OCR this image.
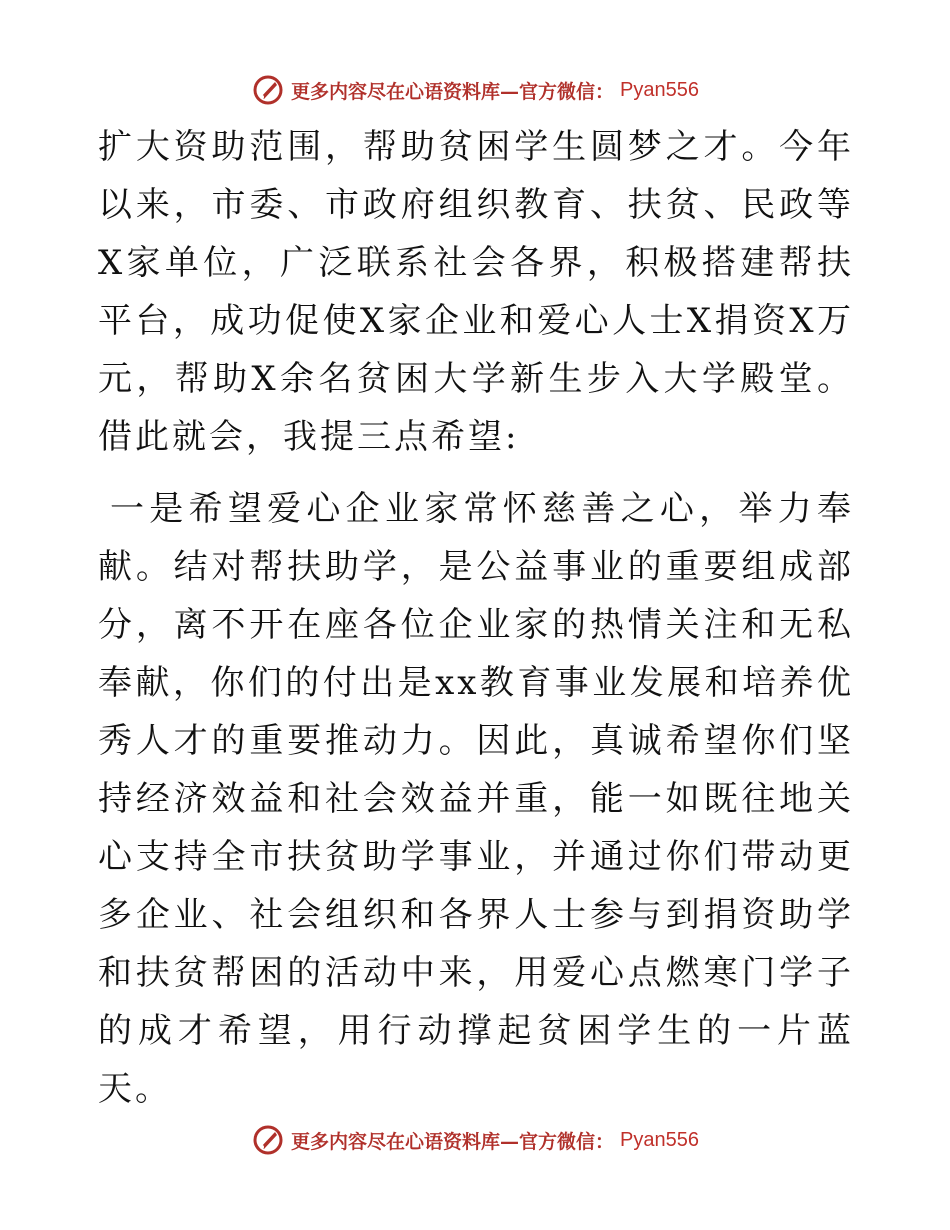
更多内容尽在心语资料库—官方微信： Pyan556

扩大资助范围，帮助贫困学生圆梦之才。今年以来，市委、市政府组织教育、扶贫、民政等X家单位，广泛联系社会各界，积极搭建帮扶平台，成功促使X家企业和爱心人士X捐资X万元，帮助X余名贫困大学新生步入大学殿堂。借此就会，我提三点希望:

一是希望爱心企业家常怀慈善之心，举力奉献。结对帮扶助学，是公益事业的重要组成部分，离不开在座各位企业家的热情关注和无私奉献，你们的付出是xx教育事业发展和培养优秀人才的重要推动力。因此，真诚希望你们坚持经济效益和社会效益并重，能一如既往地关心支持全市扶贫助学事业，并通过你们带动更多企业、社会组织和各界人士参与到捐资助学和扶贫帮困的活动中来，用爱心点燃寒门学子的成才希望，用行动撑起贫困学生的一片蓝天。

更多内容尽在心语资料库—官方微信： Pyan556
